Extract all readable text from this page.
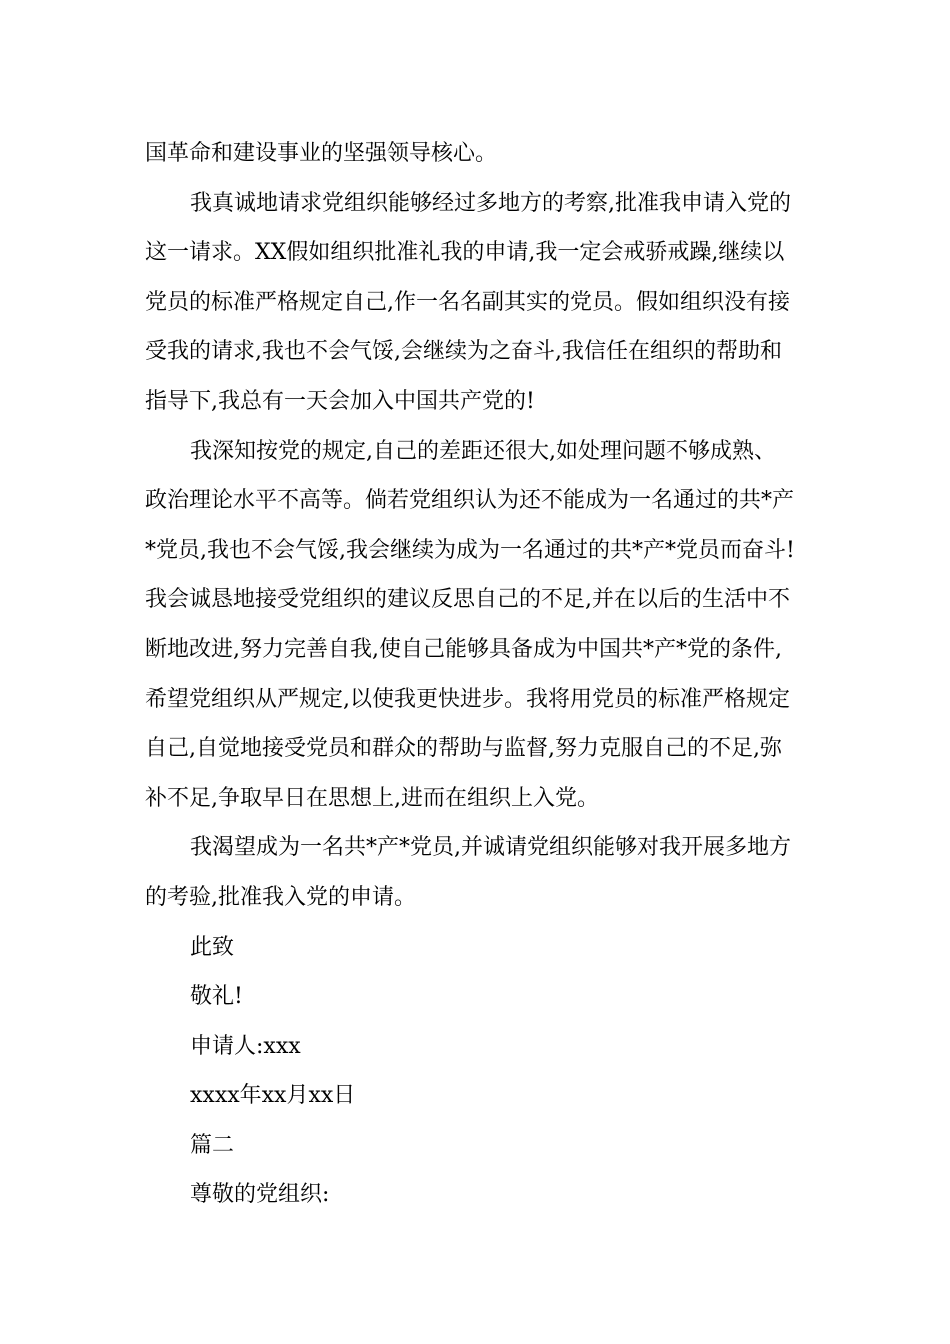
国革命和建设事业的坚强领导核心。
我真诚地请求党组织能够经过多地方的考察,批准我申请入党的
这一请求。XX假如组织批准礼我的申请,我一定会戒骄戒躁,继续以
党员的标准严格规定自己,作一名名副其实的党员。假如组织没有接
受我的请求,我也不会气馁,会继续为之奋斗,我信任在组织的帮助和
指导下,我总有一天会加入中国共产党的!
我深知按党的规定,自己的差距还很大,如处理问题不够成熟、
政治理论水平不高等。倘若党组织认为还不能成为一名通过的共*产
*党员,我也不会气馁,我会继续为成为一名通过的共*产*党员而奋斗!
我会诚恳地接受党组织的建议反思自己的不足,并在以后的生活中不
断地改进,努力完善自我,使自己能够具备成为中国共*产*党的条件,
希望党组织从严规定,以使我更快进步。我将用党员的标准严格规定
自己,自觉地接受党员和群众的帮助与监督,努力克服自己的不足,弥
补不足,争取早日在思想上,进而在组织上入党。
我渴望成为一名共*产*党员,并诚请党组织能够对我开展多地方
的考验,批准我入党的申请。
此致
敬礼!
申请人:xxx
xxxx年xx月xx日
篇二
尊敬的党组织:
